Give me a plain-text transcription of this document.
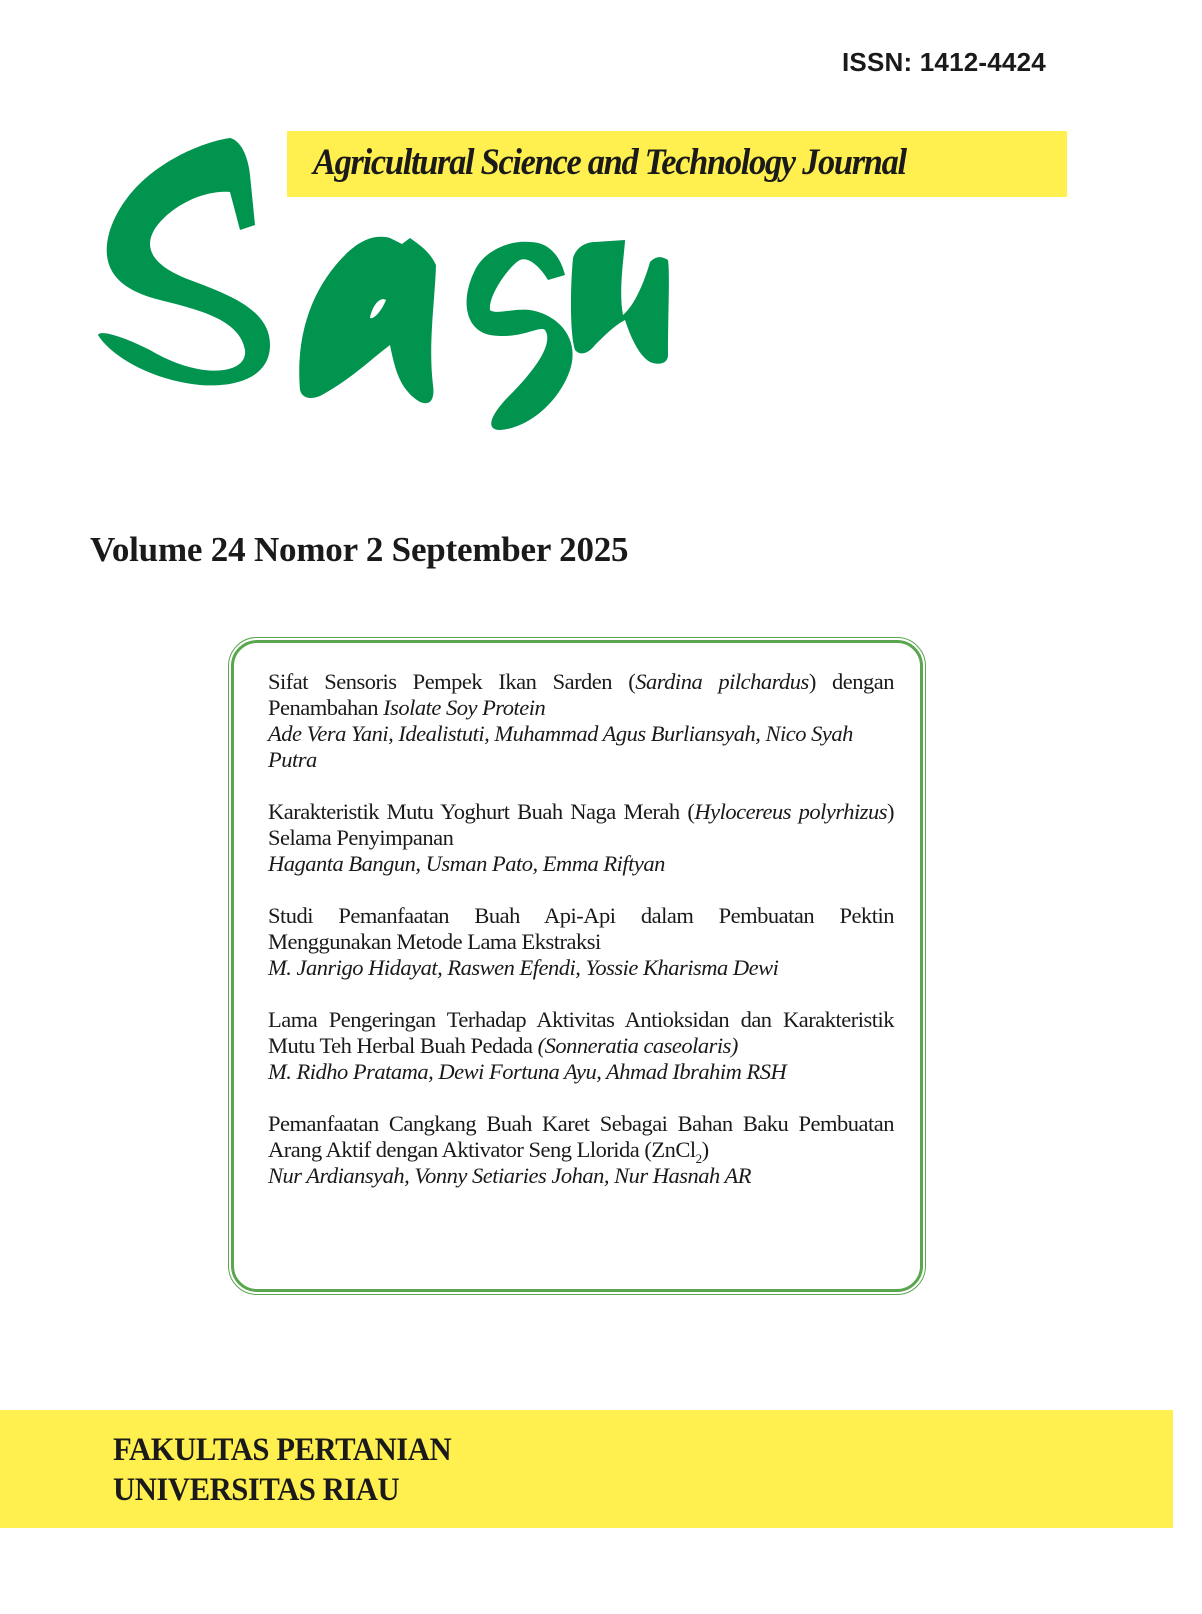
ISSN: 1412-4424
Agricultural Science and Technology Journal
Volume 24 Nomor 2 September 2025
Sifat Sensoris Pempek Ikan Sarden (Sardina pilchardus) dengan Penambahan Isolate Soy Protein
Ade Vera Yani, Idealistuti, Muhammad Agus Burliansyah, Nico Syah Putra
Karakteristik Mutu Yoghurt Buah Naga Merah (Hylocereus polyrhizus) Selama Penyimpanan
Haganta Bangun, Usman Pato, Emma Riftyan
Studi Pemanfaatan Buah Api-Api dalam Pembuatan Pektin Menggunakan Metode Lama Ekstraksi
M. Janrigo Hidayat, Raswen Efendi, Yossie Kharisma Dewi
Lama Pengeringan Terhadap Aktivitas Antioksidan dan Karakteristik Mutu Teh Herbal Buah Pedada (Sonneratia caseolaris)
M. Ridho Pratama, Dewi Fortuna Ayu, Ahmad Ibrahim RSH
Pemanfaatan Cangkang Buah Karet Sebagai Bahan Baku Pembuatan Arang Aktif dengan Aktivator Seng Llorida (ZnCl$_2$)
Nur Ardiansyah, Vonny Setiaries Johan, Nur Hasnah AR
FAKULTAS PERTANIAN
UNIVERSITAS RIAU
